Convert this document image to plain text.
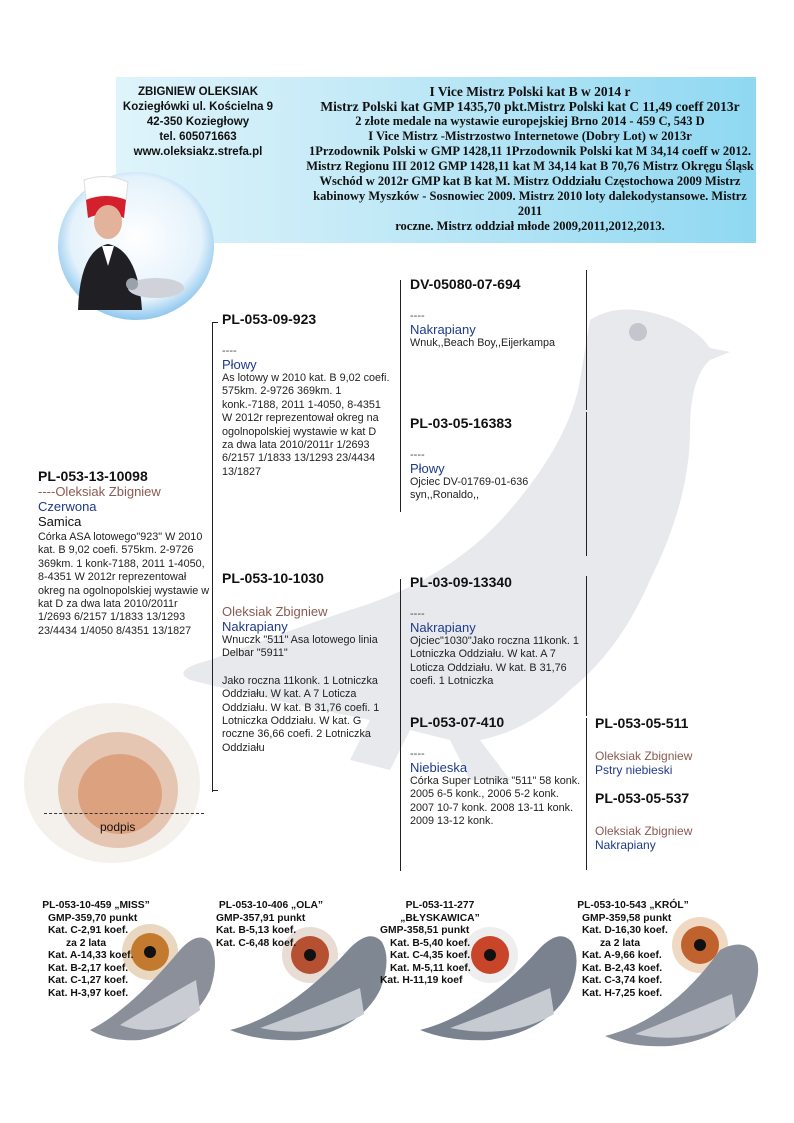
ZBIGNIEW OLEKSIAK
Koziegłówki ul. Kościelna 9
42-350 Koziegłowy
tel. 605071663
www.oleksiakz.strefa.pl
I Vice Mistrz Polski kat B w 2014 r
Mistrz Polski kat GMP 1435,70 pkt.Mistrz Polski kat C 11,49 coeff 2013r
2 złote medale na wystawie europejskiej Brno 2014 - 459 C, 543 D
I Vice Mistrz -Mistrzostwo Internetowe (Dobry Lot) w 2013r
1Przodownik Polski w GMP 1428,11 1Przodownik Polski kat M 34,14 coeff w 2012.
Mistrz Regionu III 2012 GMP 1428,11 kat M 34,14 kat B 70,76 Mistrz Okręgu Śląsk
Wschód w 2012r GMP kat B kat M. Mistrz Oddziału Częstochowa 2009 Mistrz
kabinowy Myszków - Sosnowiec 2009. Mistrz 2010 loty dalekodystansowe. Mistrz 2011
roczne. Mistrz oddział młode 2009,2011,2012,2013.
PL-053-13-10098
----Oleksiak Zbigniew
Czerwona
Samica
Córka ASA lotowego"923" W 2010 kat. B 9,02 coefi. 575km. 2-9726 369km. 1 konk-7188, 2011 1-4050, 8-4351 W 2012r reprezentował okreg na ogolnopolskiej wystawie w kat D za dwa lata 2010/2011r 1/2693 6/2157 1/1833 13/1293 23/4434 1/4050 8/4351 13/1827
PL-053-09-923
----
Płowy
As lotowy w 2010 kat. B 9,02 coefi. 575km. 2-9726 369km. 1 konk.-7188, 2011 1-4050, 8-4351 W 2012r reprezentował okreg na ogolnopolskiej wystawie w kat D za dwa lata 2010/2011r 1/2693 6/2157 1/1833 13/1293 23/4434 13/1827
PL-053-10-1030
Oleksiak Zbigniew
Nakrapiany
Wnuczk "511" Asa lotowego linia Delbar "5911"
Jako roczna 11konk. 1 Lotniczka Oddziału. W kat. A 7 Loticza Oddziału. W kat. B 31,76 coefi. 1 Lotniczka Oddziału. W kat. G roczne 36,66 coefi. 2 Lotniczka Oddziału
DV-05080-07-694
----
Nakrapiany
Wnuk,,Beach Boy,,Eijerkampa
PL-03-05-16383
----
Płowy
Ojciec DV-01769-01-636 syn,,Ronaldo,,
PL-03-09-13340
----
Nakrapiany
Ojciec"1030"Jako roczna 11konk. 1 Lotniczka Oddziału. W kat. A 7 Loticza Oddziału. W kat. B 31,76 coefi. 1 Lotniczka
PL-053-07-410
----
Niebieska
Córka Super Lotnika "511" 58 konk. 2005 6-5 konk., 2006 5-2 konk. 2007 10-7 konk. 2008 13-11 konk. 2009 13-12 konk.
PL-053-05-511
Oleksiak Zbigniew
Pstry niebieski
PL-053-05-537
Oleksiak Zbigniew
Nakrapiany
podpis
PL-053-10-459 „MISS”
GMP-359,70 punkt
Kat. C-2,91 koef.
za 2 lata
Kat. A-14,33 koef.
Kat. B-2,17 koef.
Kat. C-1,27 koef.
Kat. H-3,97 koef.
PL-053-10-406 „OLA”
GMP-357,91 punkt
Kat. B-5,13 koef.
Kat. C-6,48 koef.
PL-053-11-277
„BŁYSKAWICA”
GMP-358,51 punkt
Kat. B-5,40 koef.
Kat. C-4,35 koef.
Kat. M-5,11 koef.
Kat. H-11,19 koef
PL-053-10-543 „KRÓL”
GMP-359,58 punkt
Kat. D-16,30 koef.
za 2 lata
Kat. A-9,66 koef.
Kat. B-2,43 koef.
Kat. C-3,74 koef.
Kat. H-7,25 koef.
